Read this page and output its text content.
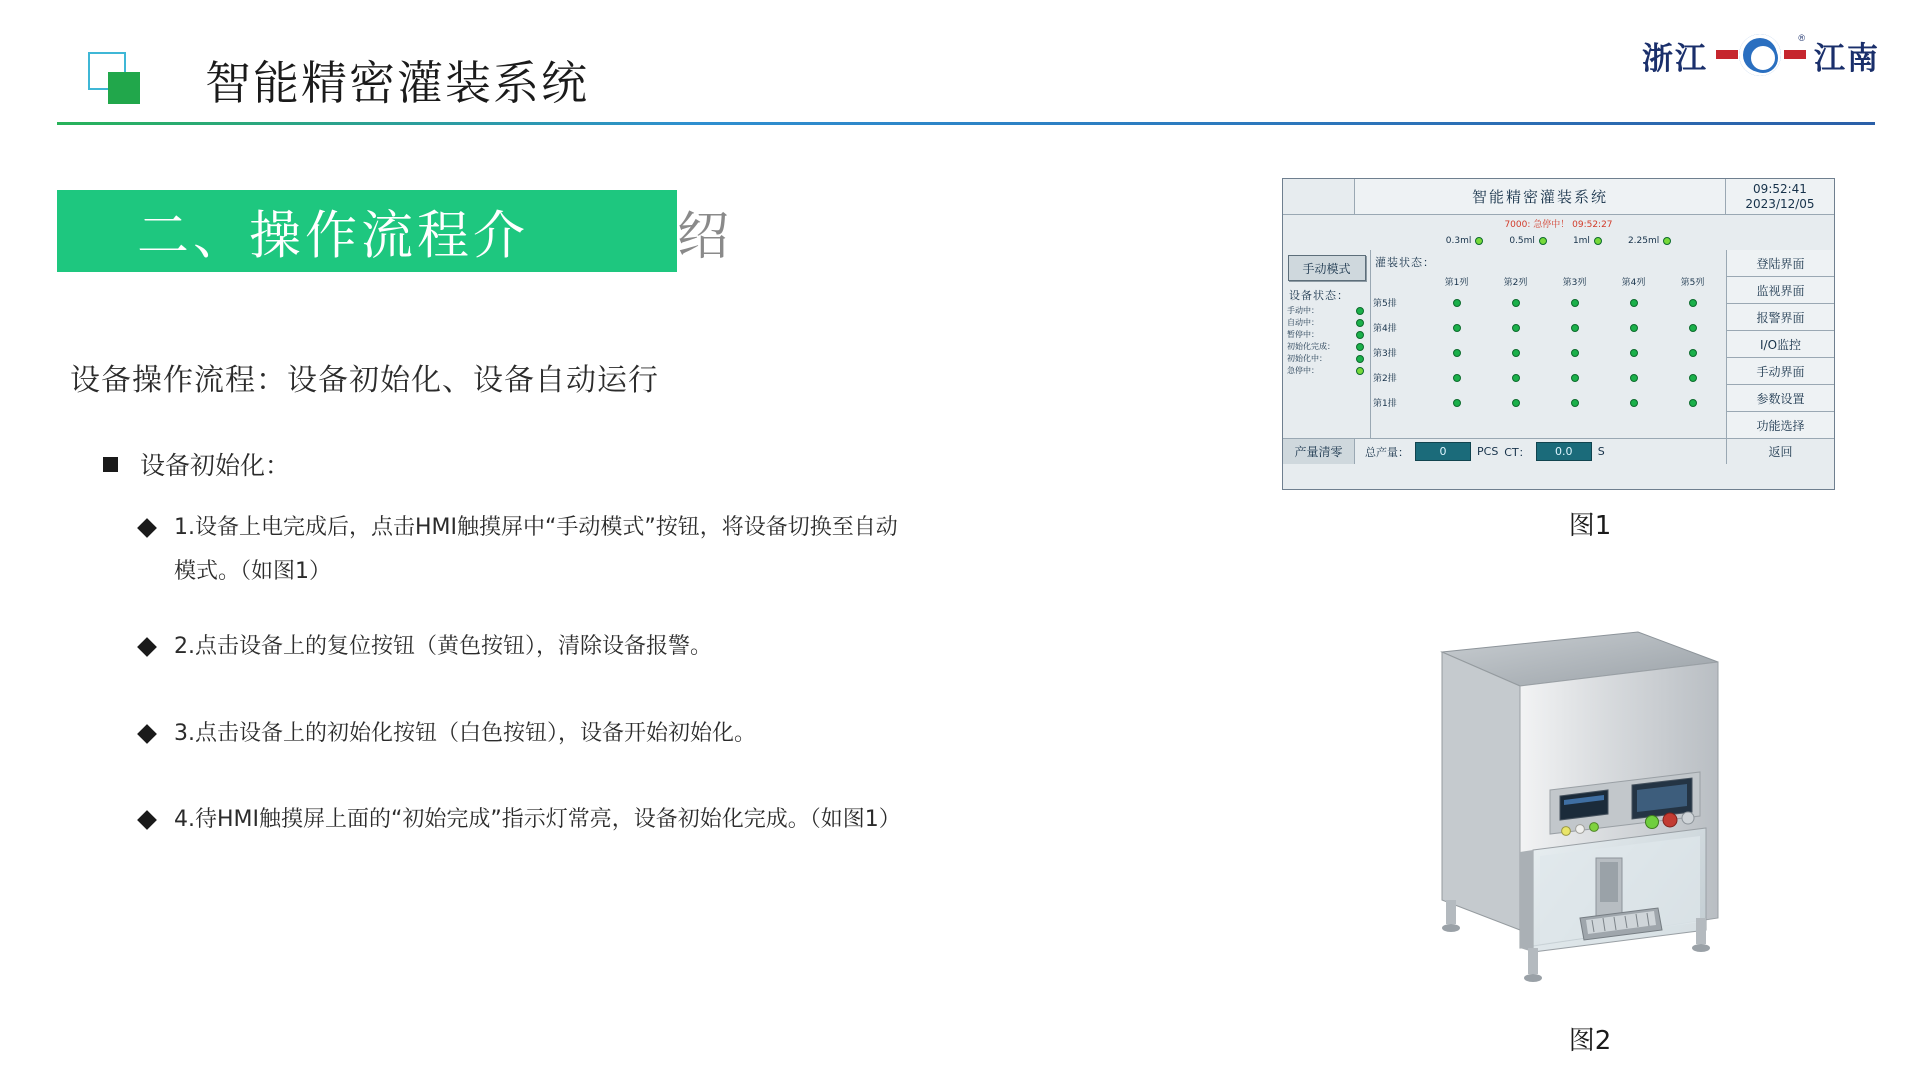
智能精密灌装系统	浙江
®
江南
二、操作流程介	绍
设备操作流程：设备初始化、设备自动运行
设备初始化：
1.设备上电完成后，点击HMI触摸屏中“手动模式”按钮，将设备切换至自动模式。（如图1）
2.点击设备上的复位按钮（黄色按钮），清除设备报警。
3.点击设备上的初始化按钮（白色按钮），设备开始初始化。
4.待HMI触摸屏上面的“初始完成”指示灯常亮，设备初始化完成。（如图1）
智能精密灌装系统	09:52:41
2023/12/05
7000: 急停中！ 09:52:27
0.3ml	0.5ml	1ml	2.25ml
手动模式
设备状态：
手动中：
自动中：
暂停中：
初始化完成：
初始化中：
急停中：
灌装状态：
第1列	第2列	第3列	第4列	第5列
第5排
第4排
第3排
第2排
第1排
登陆界面
监视界面
报警界面
I/O监控
手动界面
参数设置
功能选择
产量清零	总产量：	0	PCS CT：	0.0	S	返回
图1
图2
